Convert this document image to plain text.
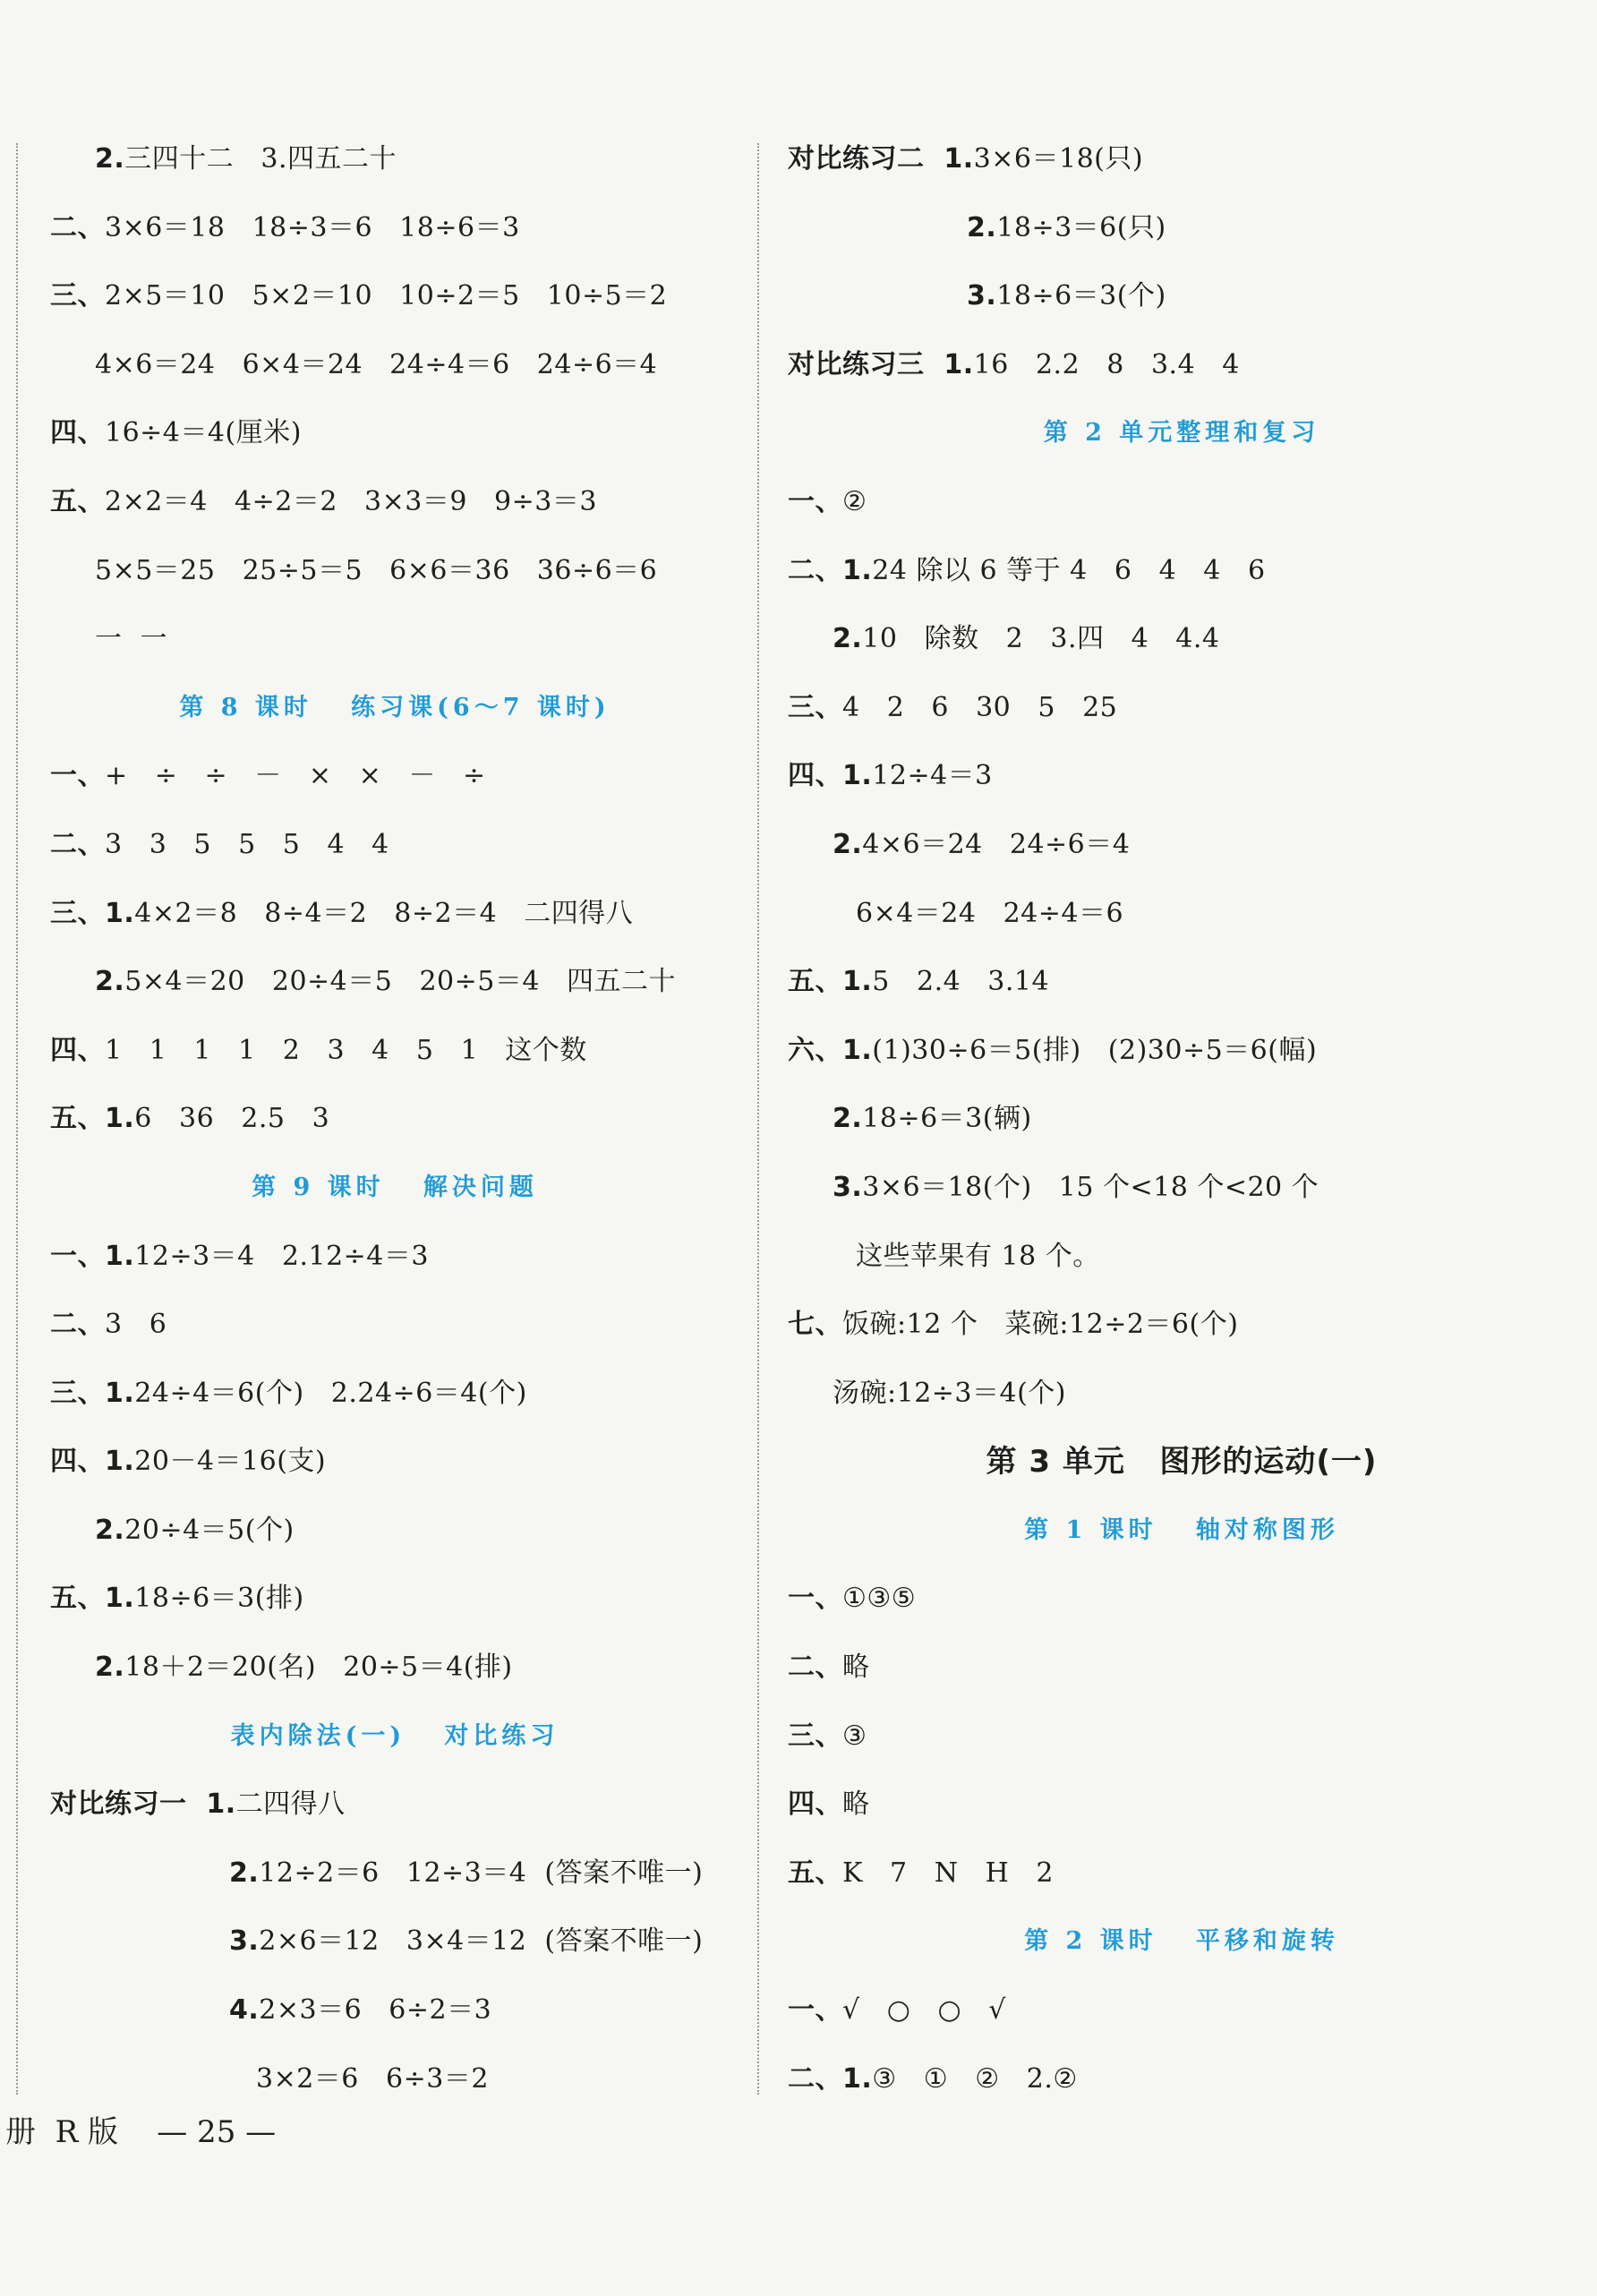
2.三四十二   3.四五二十
二、3×6＝18   18÷3＝6   18÷6＝3
三、2×5＝10   5×2＝10   10÷2＝5   10÷5＝2
4×6＝24   6×4＝24   24÷4＝6   24÷6＝4
四、16÷4＝4(厘米)
五、2×2＝4   4÷2＝2   3×3＝9   9÷3＝3
5×5＝25   25÷5＝5   6×6＝36   36÷6＝6
一  一
第 8 课时   练习课(6～7 课时)
一、+   ÷   ÷   －   ×   ×   －   ÷
二、3   3   5   5   5   4   4
三、1.4×2＝8   8÷4＝2   8÷2＝4   二四得八
2.5×4＝20   20÷4＝5   20÷5＝4   四五二十
四、1   1   1   1   2   3   4   5   1   这个数
五、1.6   36   2.5   3
第 9 课时   解决问题
一、1.12÷3＝4   2.12÷4＝3
二、3   6
三、1.24÷4＝6(个)   2.24÷6＝4(个)
四、1.20－4＝16(支)
2.20÷4＝5(个)
五、1.18÷6＝3(排)
2.18＋2＝20(名)   20÷5＝4(排)
表内除法(一)   对比练习
对比练习一  1.二四得八
2.12÷2＝6   12÷3＝4  (答案不唯一)
3.2×6＝12   3×4＝12  (答案不唯一)
4.2×3＝6   6÷2＝3
3×2＝6   6÷3＝2
对比练习二  1.3×6＝18(只)
2.18÷3＝6(只)
3.18÷6＝3(个)
对比练习三  1.16   2.2   8   3.4   4
第 2 单元整理和复习
一、②
二、1.24 除以 6 等于 4   6   4   4   6
2.10   除数   2   3.四   4   4.4
三、4   2   6   30   5   25
四、1.12÷4＝3
2.4×6＝24   24÷6＝4
6×4＝24   24÷4＝6
五、1.5   2.4   3.14
六、1.(1)30÷6＝5(排)   (2)30÷5＝6(幅)
2.18÷6＝3(辆)
3.3×6＝18(个)   15 个<18 个<20 个
这些苹果有 18 个。
七、饭碗:12 个   菜碗:12÷2＝6(个)
汤碗:12÷3＝4(个)
第 3 单元   图形的运动(一)
第 1 课时   轴对称图形
一、①③⑤
二、略
三、③
四、略
五、K   7   N   H   2
第 2 课时   平移和旋转
一、√   ○   ○   √
二、1.③   ①   ②   2.②
册  R 版    — 25 —
